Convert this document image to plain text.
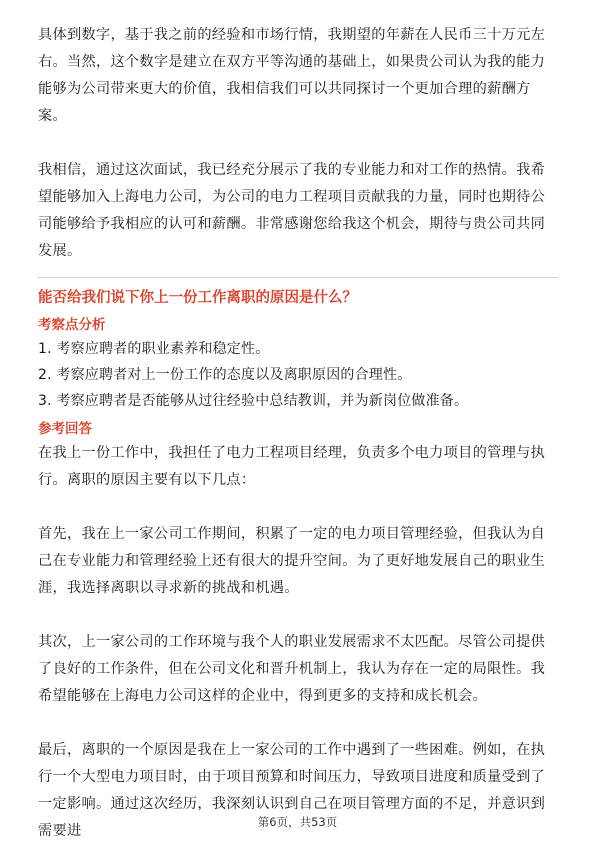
具体到数字，基于我之前的经验和市场行情，我期望的年薪在人民币三十万元左右。当然，这个数字是建立在双方平等沟通的基础上，如果贵公司认为我的能力能够为公司带来更大的价值，我相信我们可以共同探讨一个更加合理的薪酬方案。

我相信，通过这次面试，我已经充分展示了我的专业能力和对工作的热情。我希望能够加入上海电力公司，为公司的电力工程项目贡献我的力量，同时也期待公司能够给予我相应的认可和薪酬。非常感谢您给我这个机会，期待与贵公司共同发展。

能否给我们说下你上一份工作离职的原因是什么？

考察点分析

1. 考察应聘者的职业素养和稳定性。

2. 考察应聘者对上一份工作的态度以及离职原因的合理性。

3. 考察应聘者是否能够从过往经验中总结教训，并为新岗位做准备。

参考回答

在我上一份工作中，我担任了电力工程项目经理，负责多个电力项目的管理与执行。离职的原因主要有以下几点：

首先，我在上一家公司工作期间，积累了一定的电力项目管理经验，但我认为自己在专业能力和管理经验上还有很大的提升空间。为了更好地发展自己的职业生涯，我选择离职以寻求新的挑战和机遇。

其次，上一家公司的工作环境与我个人的职业发展需求不太匹配。尽管公司提供了良好的工作条件，但在公司文化和晋升机制上，我认为存在一定的局限性。我希望能够在上海电力公司这样的企业中，得到更多的支持和成长机会。

最后，离职的一个原因是我在上一家公司的工作中遇到了一些困难。例如，在执行一个大型电力项目时，由于项目预算和时间压力，导致项目进度和质量受到了一定影响。通过这次经历，我深刻认识到自己在项目管理方面的不足，并意识到需要进

第6页，共53页
